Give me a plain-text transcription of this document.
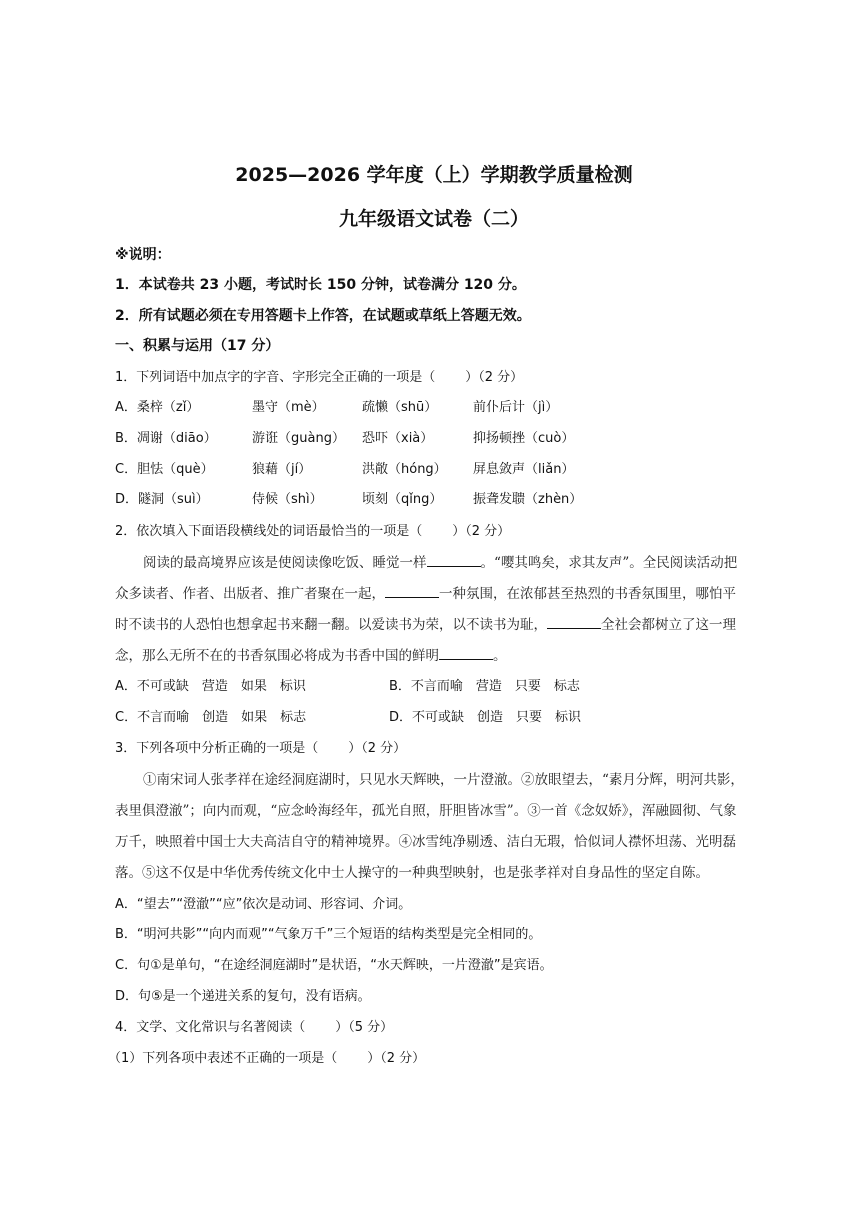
2025—2026 学年度（上）学期教学质量检测
九年级语文试卷（二）
※说明：
1．本试卷共 23 小题，考试时长 150 分钟，试卷满分 120 分。
2．所有试题必须在专用答题卡上作答，在试题或草纸上答题无效。
一、积累与运用（17 分）
1．下列词语中加点字的字音、字形完全正确的一项是（ ）（2 分）
A．桑梓（zǐ）	墨守（mè）	疏懒（shū）	前仆后计（jì）
B．凋谢（diāo）	游诳（guàng） 恐吓（xià）	抑扬顿挫（cuò）
C．胆怯（què）	狼藉（jí）	洪敞（hóng） 屏息敛声（liǎn）
D．隧洞（suì）	侍候（shì）	顷刻（qǐng） 振聋发聩（zhèn）
2．依次填入下面语段横线处的词语最恰当的一项是（ ）（2 分）
阅读的最高境界应该是使阅读像吃饭、睡觉一样	。“嘤其鸣矣，求其友声”。全民阅读活动把
众多读者、作者、出版者、推广者聚在一起，	一种氛围，在浓郁甚至热烈的书香氛围里，哪怕平
时不读书的人恐怕也想拿起书来翻一翻。以爱读书为荣，以不读书为耻，	全社会都树立了这一理
念，那么无所不在的书香氛围必将成为书香中国的鲜明	。
A．不可或缺　营造　如果　标识	B．不言而喻　营造　只要　标志
C．不言而喻　创造　如果　标志	D．不可或缺　创造　只要　标识
3．下列各项中分析正确的一项是（ ）（2 分）
①南宋词人张孝祥在途经洞庭湖时，只见水天辉映，一片澄澈。②放眼望去，“素月分辉，明河共影，
表里俱澄澈”；向内而观，“应念岭海经年，孤光自照，肝胆皆冰雪”。③一首《念奴娇》，浑融圆彻、气象
万千，映照着中国士大夫高洁自守的精神境界。④冰雪纯净剔透、洁白无瑕，恰似词人襟怀坦荡、光明磊
落。⑤这不仅是中华优秀传统文化中士人操守的一种典型映射，也是张孝祥对自身品性的坚定自陈。
A．“望去”“澄澈”“应”依次是动词、形容词、介词。
B．“明河共影”“向内而观”“气象万千”三个短语的结构类型是完全相同的。
C．句①是单句，“在途经洞庭湖时”是状语，“水天辉映，一片澄澈”是宾语。
D．句⑤是一个递进关系的复句，没有语病。
4．文学、文化常识与名著阅读（ ）（5 分）
（1）下列各项中表述不正确的一项是（ ）（2 分）
